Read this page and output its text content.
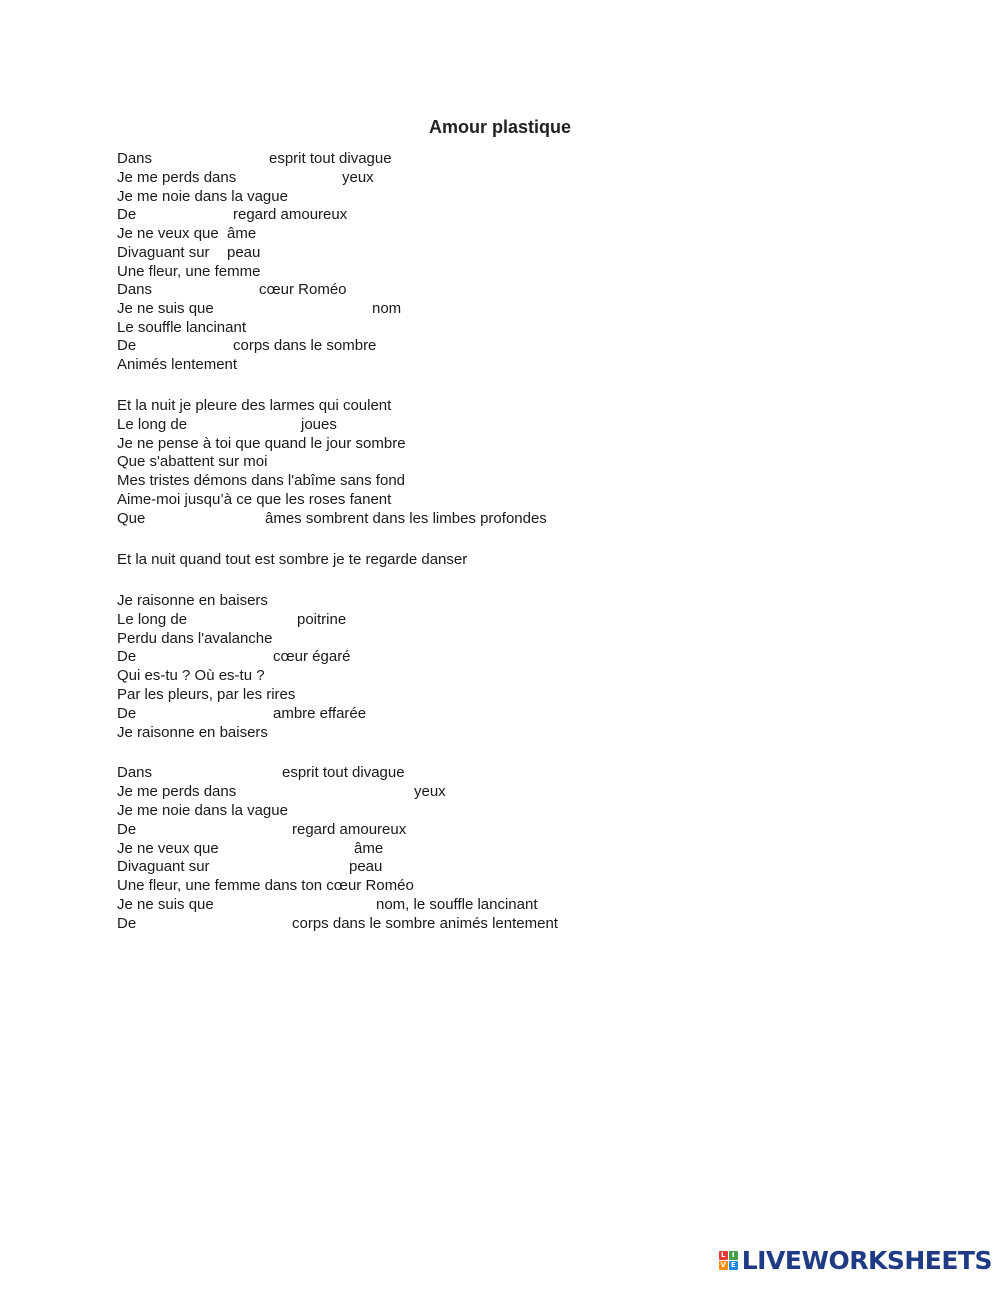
Amour plastique
Dans	esprit tout divague
Je me perds dans	yeux
Je me noie dans la vague
De	regard amoureux
Je ne veux que âme
Divaguant sur peau
Une fleur, une femme
Dans	cœur Roméo
Je ne suis que	nom
Le souffle lancinant
De	corps dans le sombre
Animés lentement
Et la nuit je pleure des larmes qui coulent
Le long de	joues
Je ne pense à toi que quand le jour sombre
Que s'abattent sur moi
Mes tristes démons dans l'abîme sans fond
Aime-moi jusqu’à ce que les roses fanent
Que	âmes sombrent dans les limbes profondes
Et la nuit quand tout est sombre je te regarde danser
Je raisonne en baisers
Le long de	poitrine
Perdu dans l'avalanche
De	cœur égaré
Qui es-tu ? Où es-tu ?
Par les pleurs, par les rires
De	ambre effarée
Je raisonne en baisers
Dans	esprit tout divague
Je me perds dans	yeux
Je me noie dans la vague
De	regard amoureux
Je ne veux que	âme
Divaguant sur	peau
Une fleur, une femme dans ton cœur Roméo
Je ne suis que	nom, le souffle lancinant
De	corps dans le sombre animés lentement
L I
V E LIVEWORKSHEETS
